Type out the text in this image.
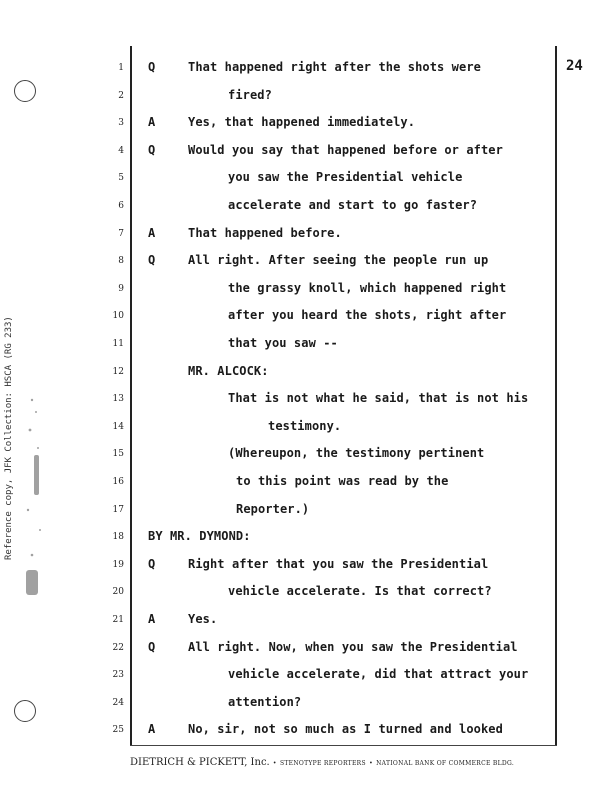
Reference copy, JFK Collection: HSCA (RG 233)
24
1 Q	That happened right after the shots were
2	fired?
3 A	Yes, that happened immediately.
4 Q	Would you say that happened before or after
5	you saw the Presidential vehicle
6	accelerate and start to go faster?
7 A	That happened before.
8 Q	All right. After seeing the people run up
9	the grassy knoll, which happened right
10	after you heard the shots, right after
11	that you saw --
12	MR. ALCOCK:
13	That is not what he said, that is not his
14	testimony.
15	(Whereupon, the testimony pertinent
16	to this point was read by the
17	Reporter.)
18 BY MR. DYMOND:
19 Q	Right after that you saw the Presidential
20	vehicle accelerate. Is that correct?
21 A	Yes.
22 Q	All right. Now, when you saw the Presidential
23	vehicle accelerate, did that attract your
24	attention?
25 A	No, sir, not so much as I turned and looked
DIETRICH & PICKETT, Inc. • STENOTYPE REPORTERS • NATIONAL BANK OF COMMERCE BLDG.
